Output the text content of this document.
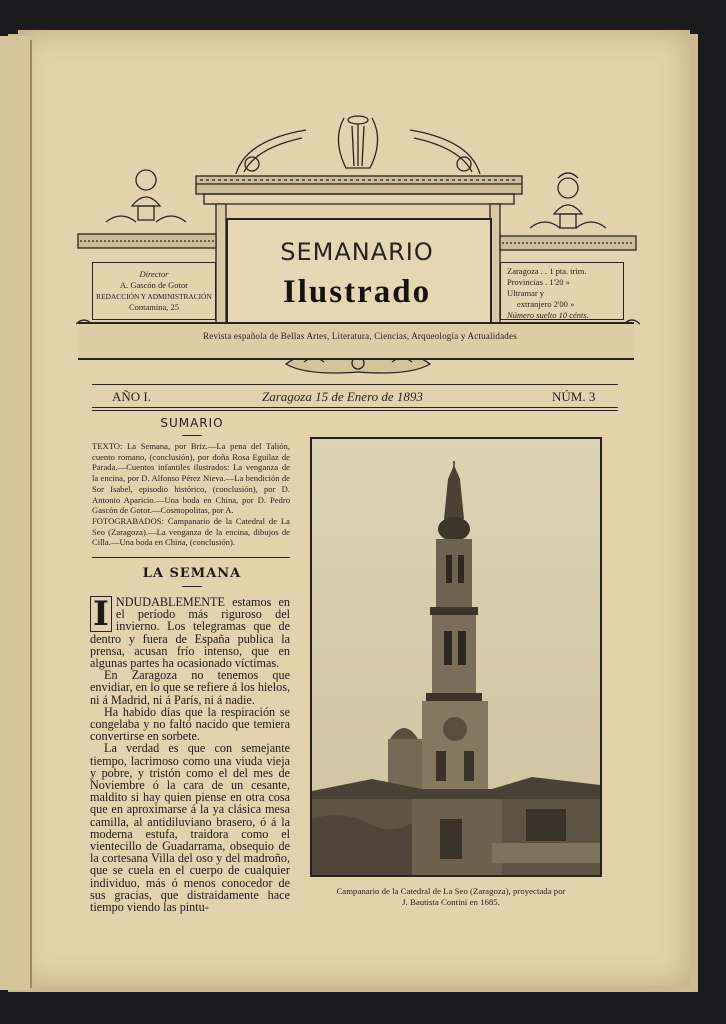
SEMANARIO
Ilustrado
Director
A. Gascón de Gotor
REDACCIÓN Y ADMINISTRACIÓN
Contamina, 25
Zaragoza . . 1 pta. trim.
Provincias . 1'20 »
Ultramar y
extranjero 2'00 »
Número suelto 10 cénts.
Revista española de Bellas Artes, Literatura, Ciencias, Arqueología y Actualidades
AÑO I.	Zaragoza 15 de Enero de 1893	NÚM. 3
SUMARIO
TEXTO: La Semana, por Briz.—La pena del Talión, cuento romano, (conclusión), por doña Rosa Eguilaz de Parada.—Cuentos infantiles ilustrados: La venganza de la encina, por D. Alfonso Pérez Nieva.—La bendición de Sor Isabel, episodio histórico, (conclusión), por D. Antonio Aparicio.—Una boda en China, por D. Pedro Gascón de Gotor.—Cosmopolitas, por A.
FOTOGRABADOS: Campanario de la Catedral de La Seo (Zaragoza).—La venganza de la encina, dibujos de Cilla.—Una boda en China, (conclusión).
LA SEMANA

I NDUDABLEMENTE estamos en el período más riguroso del invierno. Los telegramas que de dentro y fuera de España publica la prensa, acusan frío intenso, que en algunas partes ha ocasionado víctimas.

En Zaragoza no tenemos que envidiar, en lo que se refiere á los hielos, ni á Madrid, ni á París, ni á nadie.

Ha habido días que la respiración se congelaba y no faltó nacido que temiera convertirse en sorbete.

La verdad es que con semejante tiempo, lacrimoso como una viuda vieja y pobre, y tristón como el del mes de Noviembre ó la cara de un cesante, maldito si hay quien piense en otra cosa que en aproximarse á la ya clásica mesa camilla, al antidiluviano brasero, ó á la moderna estufa, traidora como el vientecillo de Guadarrama, obsequio de la cortesana Villa del oso y del madroño, que se cuela en el cuerpo de cualquier individuo, más ó menos conocedor de sus gracias, que distraidamente hace tiempo viendo las pintu-

Campanario de la Catedral de La Seo (Zaragoza), proyectada por
J. Bautista Contini en 1685.
